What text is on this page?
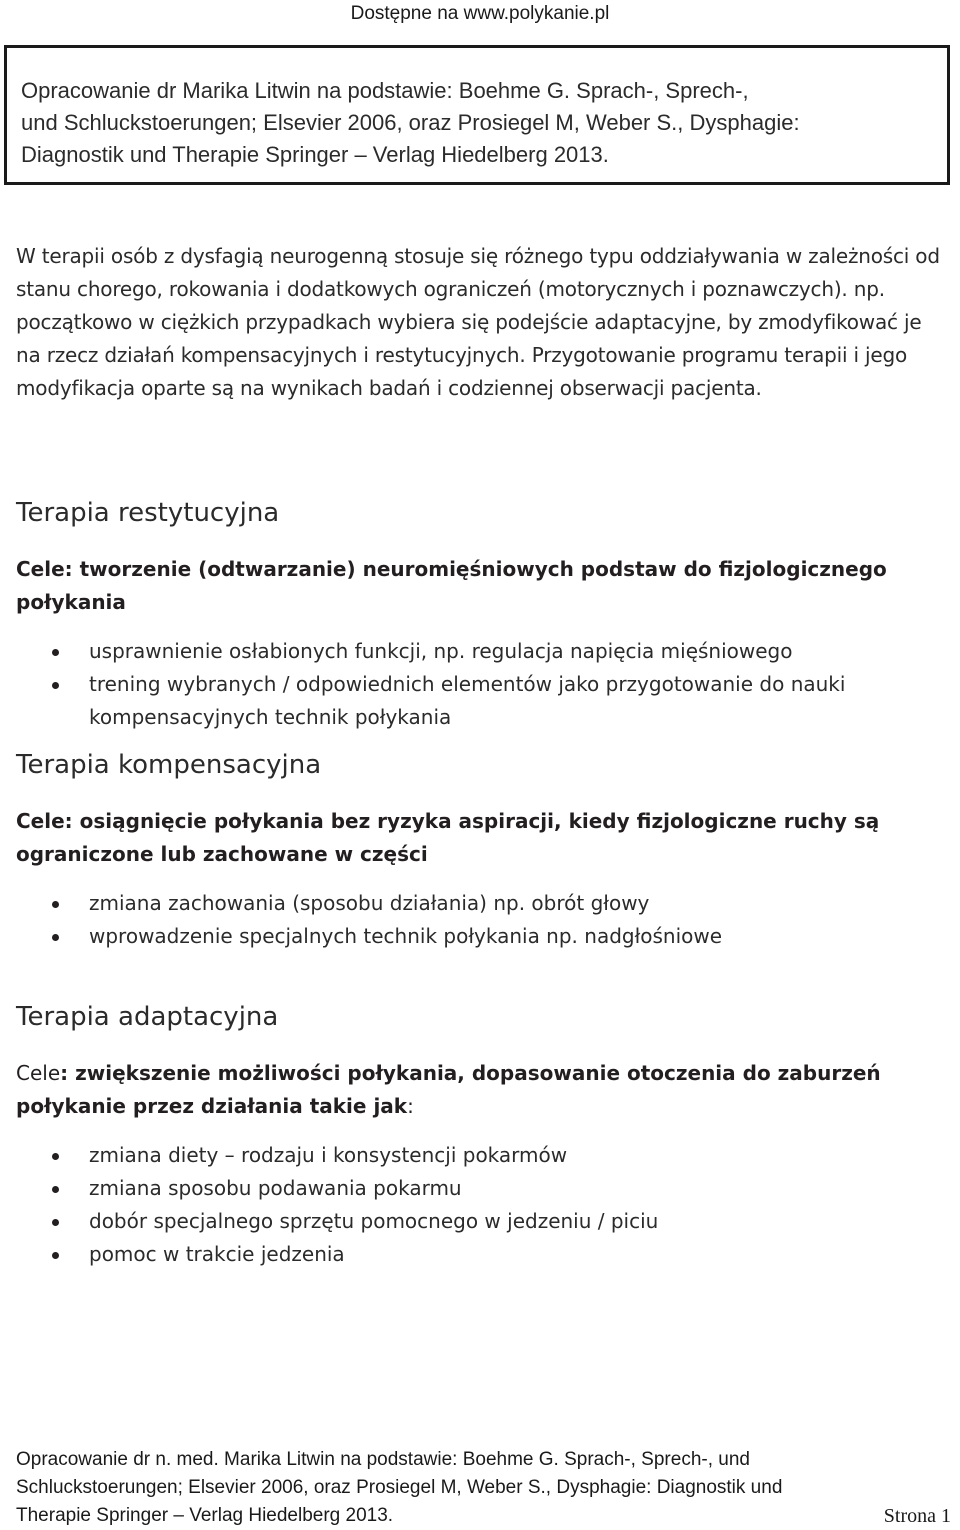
Dostępne na www.polykanie.pl

Opracowanie dr Marika Litwin na podstawie: Boehme G. Sprach-, Sprech-,

und Schluckstoerungen; Elsevier 2006, oraz Prosiegel M, Weber S., Dysphagie:

Diagnostik und Therapie Springer – Verlag Hiedelberg 2013.

W terapii osób z dysfagią neurogenną stosuje się różnego typu oddziaływania w zależności od stanu chorego, rokowania i dodatkowych ograniczeń (motorycznych i poznawczych). np. początkowo w ciężkich przypadkach wybiera się podejście adaptacyjne, by zmodyfikować je na rzecz działań kompensacyjnych i restytucyjnych. Przygotowanie programu terapii i jego modyfikacja oparte są na wynikach badań i codziennej obserwacji pacjenta.

Terapia restytucyjna

Cele: tworzenie (odtwarzanie) neuromięśniowych podstaw do fizjologicznego połykania

usprawnienie osłabionych funkcji, np. regulacja napięcia mięśniowego
trening wybranych / odpowiednich elementów jako przygotowanie do nauki kompensacyjnych technik połykania
Terapia kompensacyjna

Cele: osiągnięcie połykania bez ryzyka aspiracji, kiedy fizjologiczne ruchy są ograniczone lub zachowane w części

zmiana zachowania (sposobu działania) np. obrót głowy
wprowadzenie specjalnych technik połykania np. nadgłośniowe
Terapia adaptacyjna

Cele: zwiększenie możliwości połykania, dopasowanie otoczenia do zaburzeń połykanie przez działania takie jak:

zmiana diety – rodzaju i konsystencji pokarmów
zmiana sposobu podawania pokarmu
dobór specjalnego sprzętu pomocnego w jedzeniu / piciu
pomoc w trakcie jedzenia

Opracowanie dr n. med. Marika Litwin na podstawie: Boehme G. Sprach-, Sprech-, und

Schluckstoerungen; Elsevier 2006, oraz Prosiegel M, Weber S., Dysphagie: Diagnostik und

Therapie Springer – Verlag Hiedelberg 2013.	Strona 1
